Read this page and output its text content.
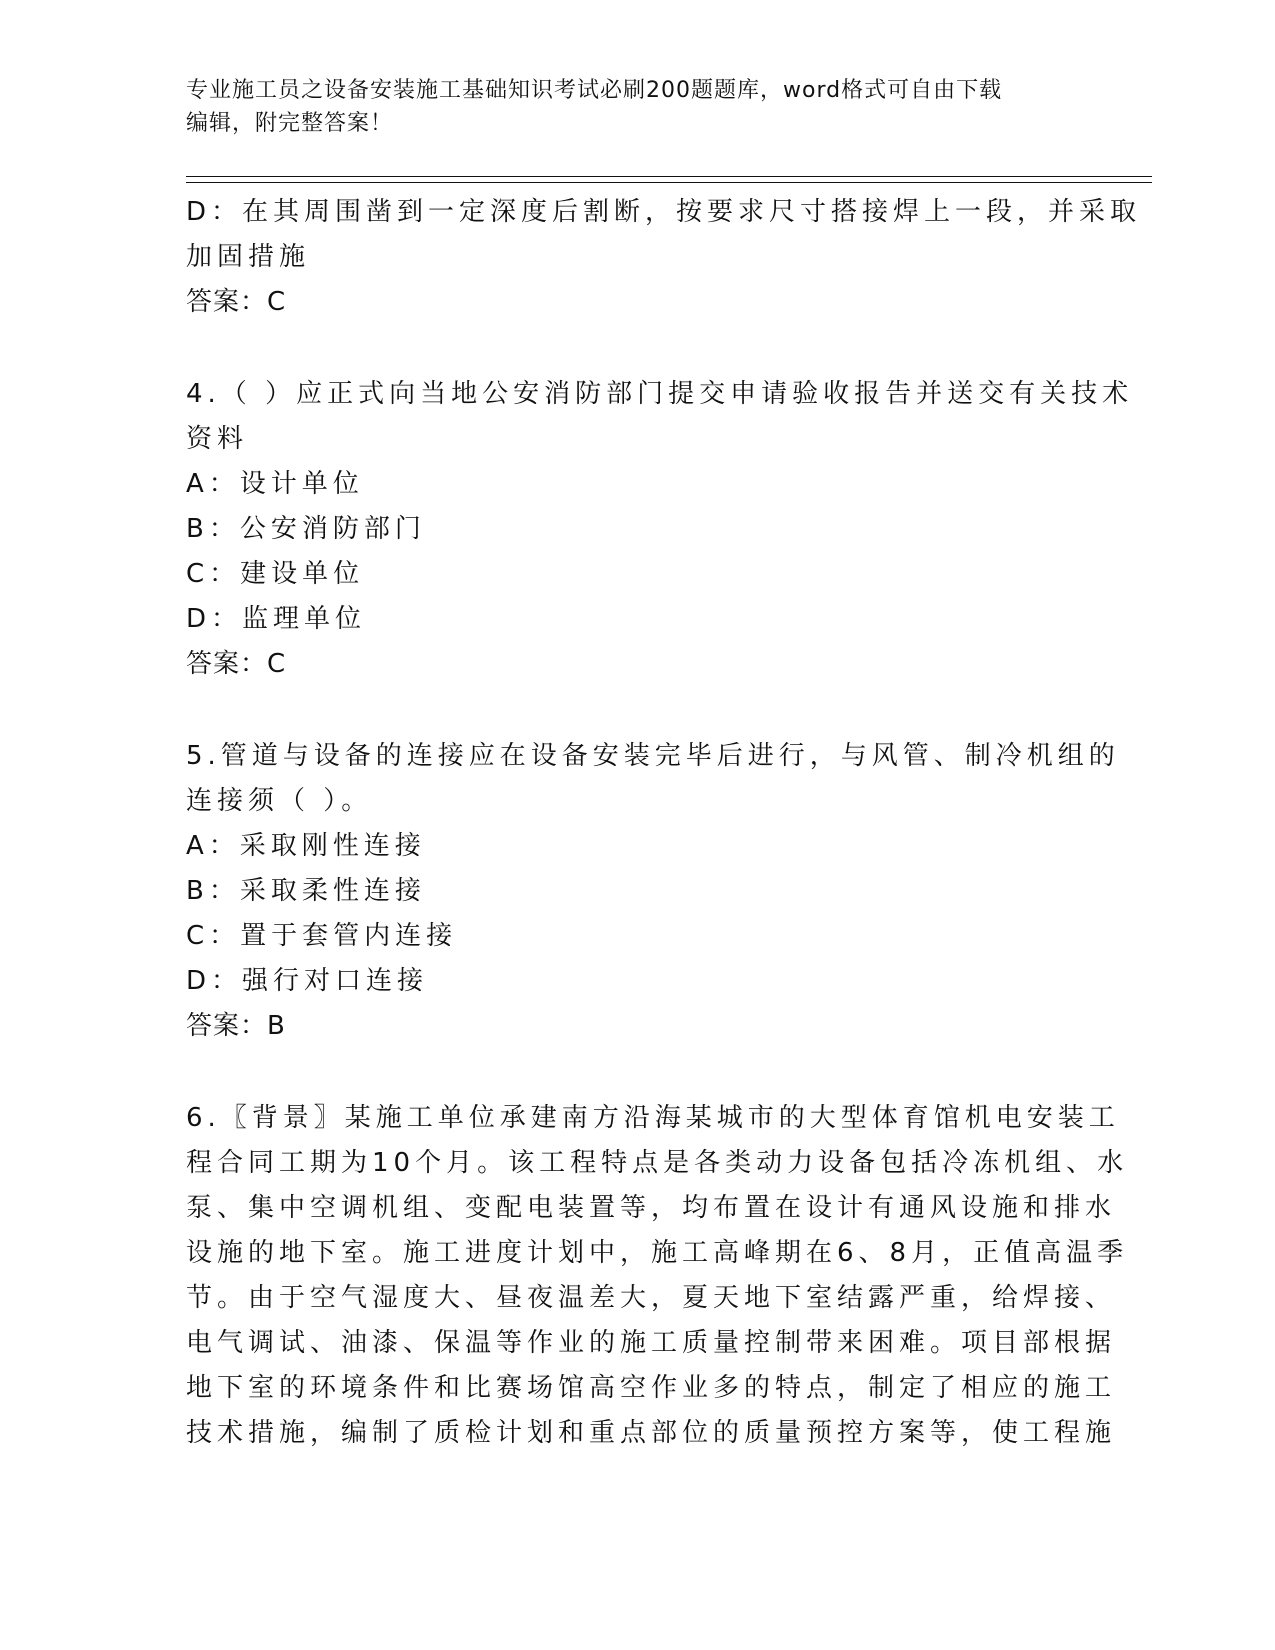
专业施工员之设备安装施工基础知识考试必刷200题题库，word格式可自由下载
编辑，附完整答案！
D：在其周围凿到一定深度后割断，按要求尺寸搭接焊上一段，并采取
加固措施
答案：C
4.（ ）应正式向当地公安消防部门提交申请验收报告并送交有关技术
资料
A：设计单位
B：公安消防部门
C：建设单位
D：监理单位
答案：C
5.管道与设备的连接应在设备安装完毕后进行，与风管、制冷机组的
连接须（ ）。
A：采取刚性连接
B：采取柔性连接
C：置于套管内连接
D：强行对口连接
答案：B
6.〖背景〗某施工单位承建南方沿海某城市的大型体育馆机电安装工
程合同工期为10个月。该工程特点是各类动力设备包括冷冻机组、水
泵、集中空调机组、变配电装置等，均布置在设计有通风设施和排水
设施的地下室。施工进度计划中，施工高峰期在6、8月，正值高温季
节。由于空气湿度大、昼夜温差大，夏天地下室结露严重，给焊接、
电气调试、油漆、保温等作业的施工质量控制带来困难。项目部根据
地下室的环境条件和比赛场馆高空作业多的特点，制定了相应的施工
技术措施，编制了质检计划和重点部位的质量预控方案等，使工程施
